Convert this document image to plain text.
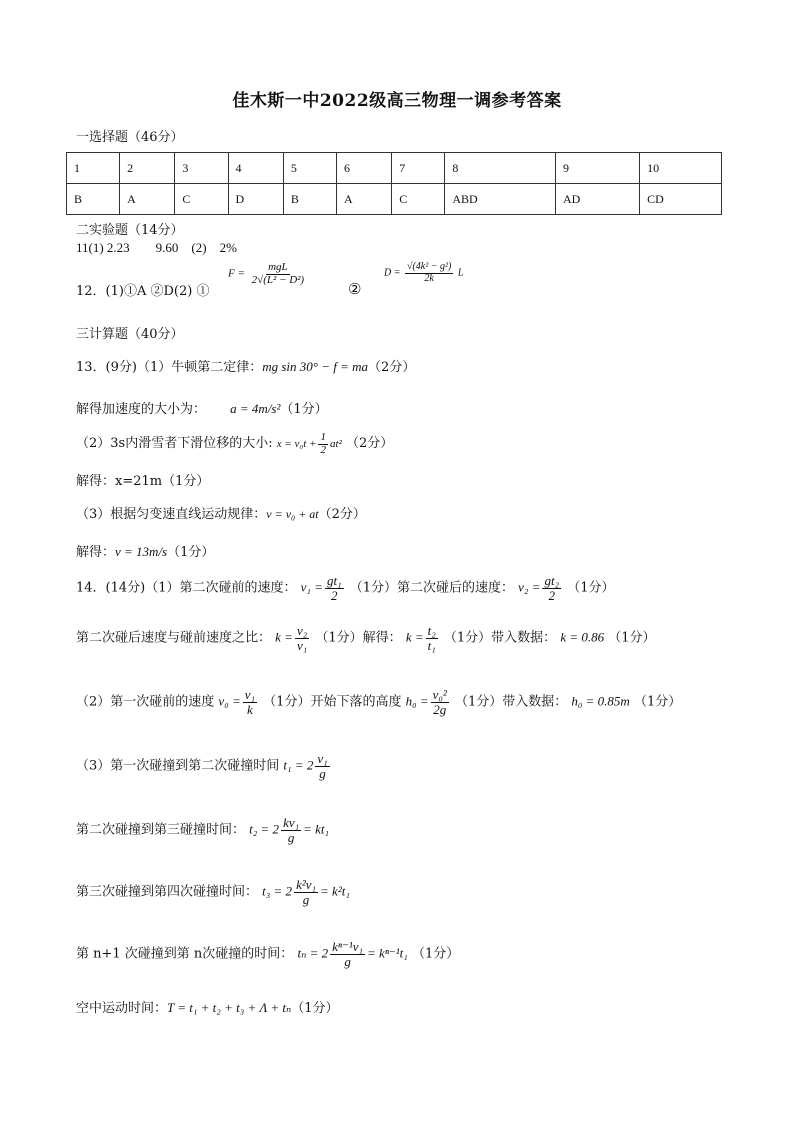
佳木斯一中2022级高三物理一调参考答案
一选择题（46分）
1	2	3	4	5	6	7	8	9	10
B	A	C	D	B	A	C	ABD	AD	CD
二实验题（14分）
11(1) 2.23        9.60    (2)    2%
12．(1)①A ②D(2) ①
$F = \frac{\text{mgL}}{\text{2√(L² − D²)}}$
②
$D = \frac{\text{√(4k² − g²)}}{2k}$ L
三计算题（40分）
13．(9分)（1）牛顿第二定律：mg sin 30° − f = ma（2分）
解得加速度的大小为： a = 4m/s²（1分）
（2）3s内滑雪者下滑位移的大小: $x = v_0t + \frac{1}{2} at^2$ （2分）
解得：x=21m（1分）
（3）根据匀变速直线运动规律：v = v₀ + at（2分）
解得：v = 13m/s（1分）
14．(14分)（1）第二次碰前的速度： $v_1 = \frac{\text{gt₁}}{2} (1$分）第二次碰后的速度： $v_2 = \frac{\text{gt₂}}{2} (1$分）
第二次碰后速度与碰前速度之比： $k = \frac{\text{v₂}}{\text{v₁}} (1$分）解得： $k = \frac{\text{t₂}}{\text{t₁}} (1$分）带入数据： k = 0.86 （1分）
（2）第一次碰前的速度 $v_0 = \frac{\text{v₁}}{k} (1$分）开始下落的高度 $h_0 = \frac{\text{v₀²}}{2g} (1$分）带入数据： h₀ = 0.85m （1分）
（3）第一次碰撞到第二次碰撞时间 $t_1 = 2 \frac{\text{v₁}}{g}$
第二次碰撞到第三碰撞时间： $t_2 = 2 \frac{\text{kv₁}}{g} = kt_1$
第三次碰撞到第四次碰撞时间： $t_3 = 2 \frac{\text{k²v₁}}{g} = k^2t_1$
第 n+1 次碰撞到第 n次碰撞的时间： $t_n = 2 \frac{\text{kⁿ⁻¹v₁}}{g} = k^{n-1}t_1$ （1分）
空中运动时间：T = t₁ + t₂ + t₃ + Λ + tₙ（1分）
